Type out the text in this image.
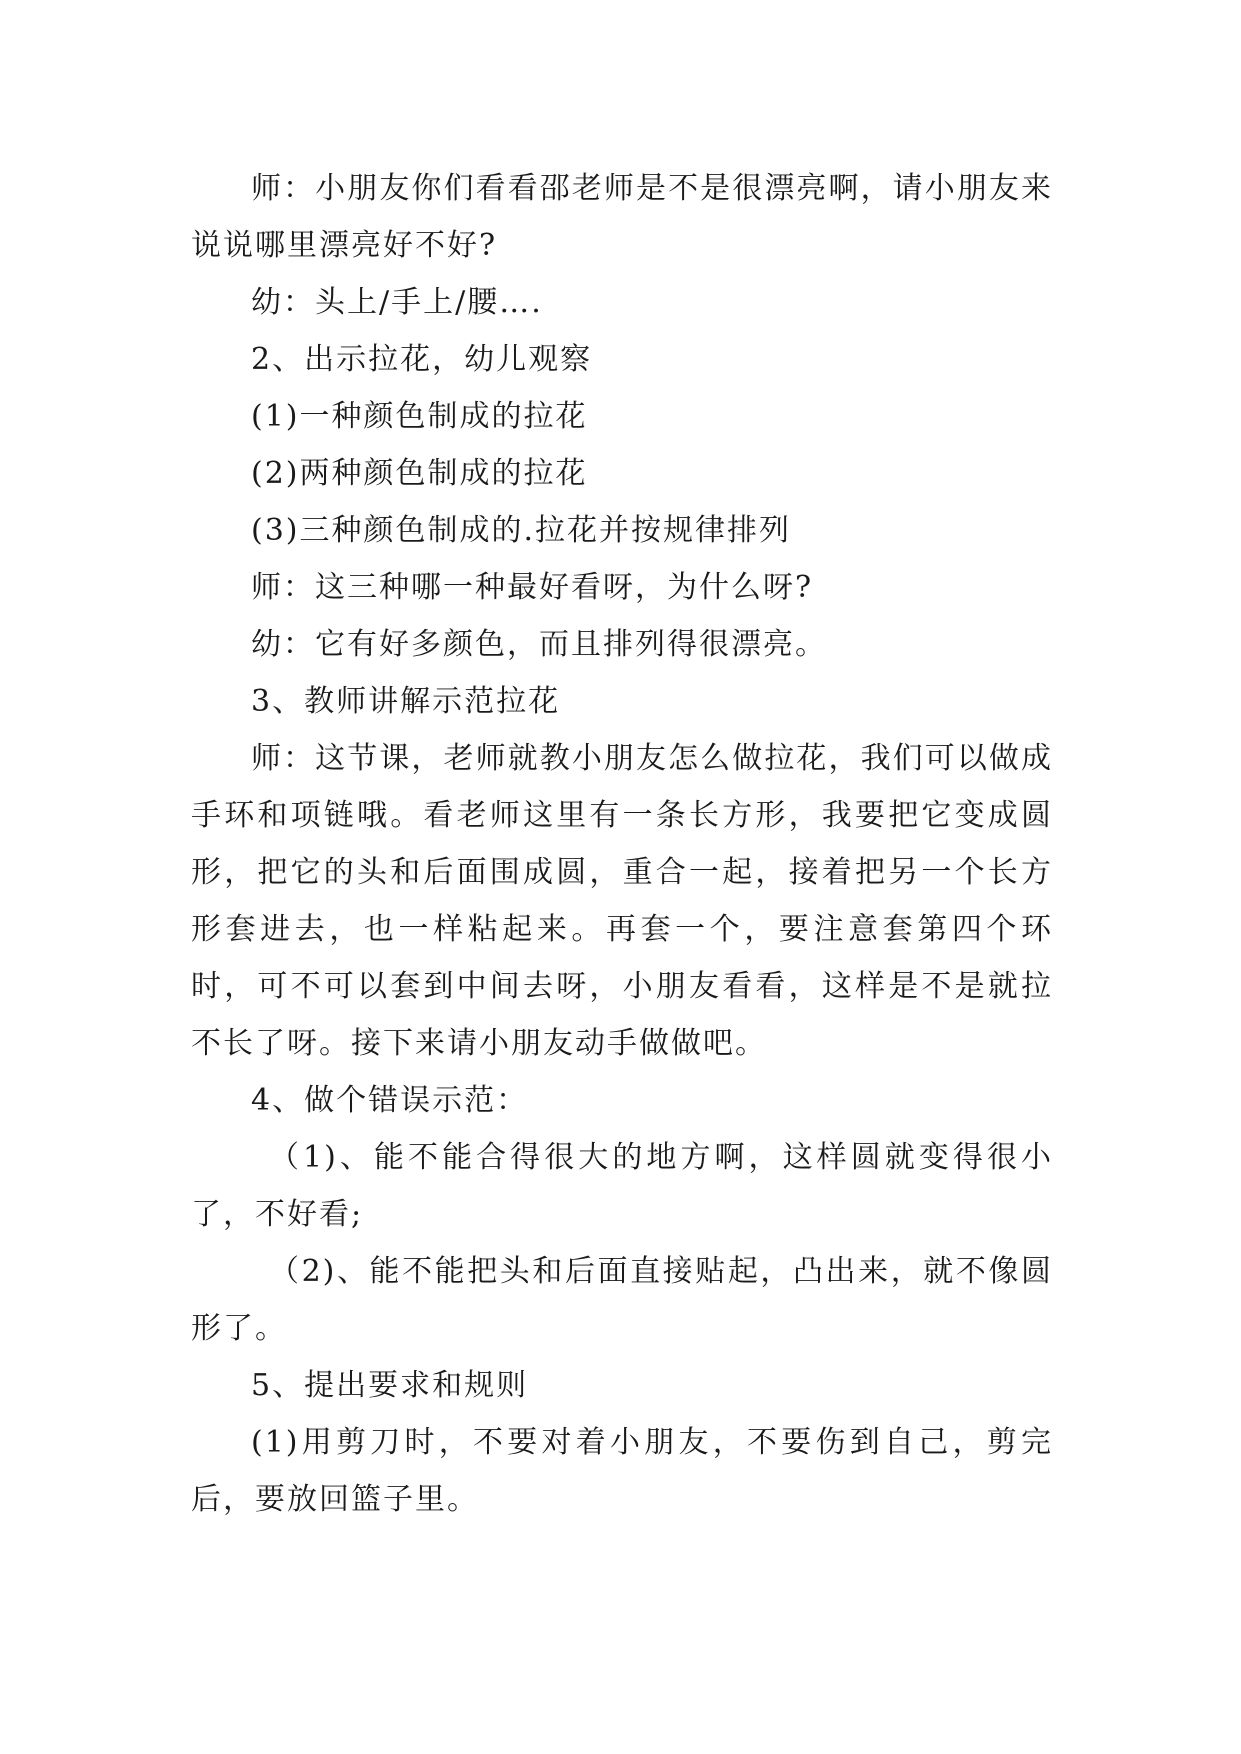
师：小朋友你们看看邵老师是不是很漂亮啊，请小朋友来说说哪里漂亮好不好?

幼：头上/手上/腰….

2、出示拉花，幼儿观察

(1)一种颜色制成的拉花

(2)两种颜色制成的拉花

(3)三种颜色制成的.拉花并按规律排列

师：这三种哪一种最好看呀，为什么呀?

幼：它有好多颜色，而且排列得很漂亮。

3、教师讲解示范拉花

师：这节课，老师就教小朋友怎么做拉花，我们可以做成手环和项链哦。看老师这里有一条长方形，我要把它变成圆形，把它的头和后面围成圆，重合一起，接着把另一个长方形套进去，也一样粘起来。再套一个，要注意套第四个环时，可不可以套到中间去呀，小朋友看看，这样是不是就拉不长了呀。接下来请小朋友动手做做吧。

4、做个错误示范：

（1)、能不能合得很大的地方啊，这样圆就变得很小了，不好看;

（2)、能不能把头和后面直接贴起，凸出来，就不像圆形了。

5、提出要求和规则

(1)用剪刀时，不要对着小朋友，不要伤到自己，剪完后，要放回篮子里。
